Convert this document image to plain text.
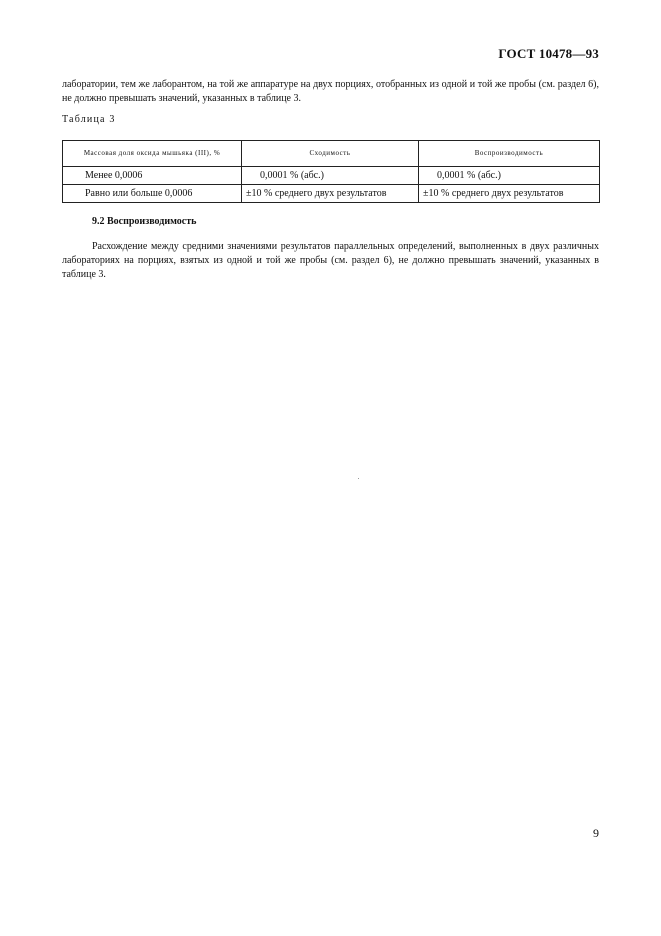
ГОСТ 10478—93
лаборатории, тем же лаборантом, на той же аппаратуре на двух порциях, отобранных из одной и той же пробы (см. раздел 6), не должно превышать значений, указанных в таблице 3.
Таблица 3
Массовая доля оксида мышьяка (III), %	Сходимость	Воспроизводимость
Менее 0,0006	0,0001 % (абс.)	0,0001 % (абс.)
Равно или больше 0,0006	±10 % среднего двух результатов	±10 % среднего двух результатов
9.2 Воспроизводимость
Расхождение между средними значениями результатов параллельных определений, выполненных в двух различных лабораториях на порциях, взятых из одной и той же пробы (см. раздел 6), не должно превышать значений, указанных в таблице 3.
9
